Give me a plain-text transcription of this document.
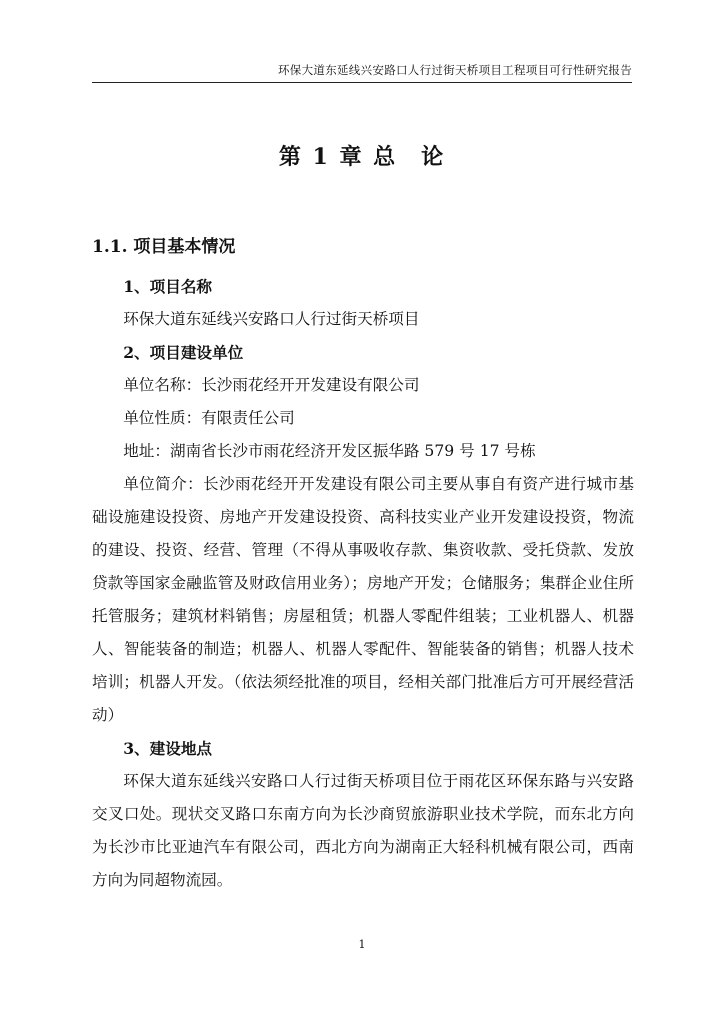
环保大道东延线兴安路口人行过街天桥项目工程项目可行性研究报告
第 1 章 总　论
1.1. 项目基本情况

1、项目名称

环保大道东延线兴安路口人行过街天桥项目

2、项目建设单位

单位名称：长沙雨花经开开发建设有限公司

单位性质：有限责任公司

地址：湖南省长沙市雨花经济开发区振华路 579 号 17 号栋

单位简介：长沙雨花经开开发建设有限公司主要从事自有资产进行城市基础设施建设投资、房地产开发建设投资、高科技实业产业开发建设投资，物流的建设、投资、经营、管理（不得从事吸收存款、集资收款、受托贷款、发放贷款等国家金融监管及财政信用业务）；房地产开发；仓储服务；集群企业住所托管服务；建筑材料销售；房屋租赁；机器人零配件组装；工业机器人、机器人、智能装备的制造；机器人、机器人零配件、智能装备的销售；机器人技术培训；机器人开发。（依法须经批准的项目，经相关部门批准后方可开展经营活动）

3、建设地点

环保大道东延线兴安路口人行过街天桥项目位于雨花区环保东路与兴安路交叉口处。现状交叉路口东南方向为长沙商贸旅游职业技术学院，而东北方向为长沙市比亚迪汽车有限公司，西北方向为湖南正大轻科机械有限公司，西南方向为同超物流园。

1
